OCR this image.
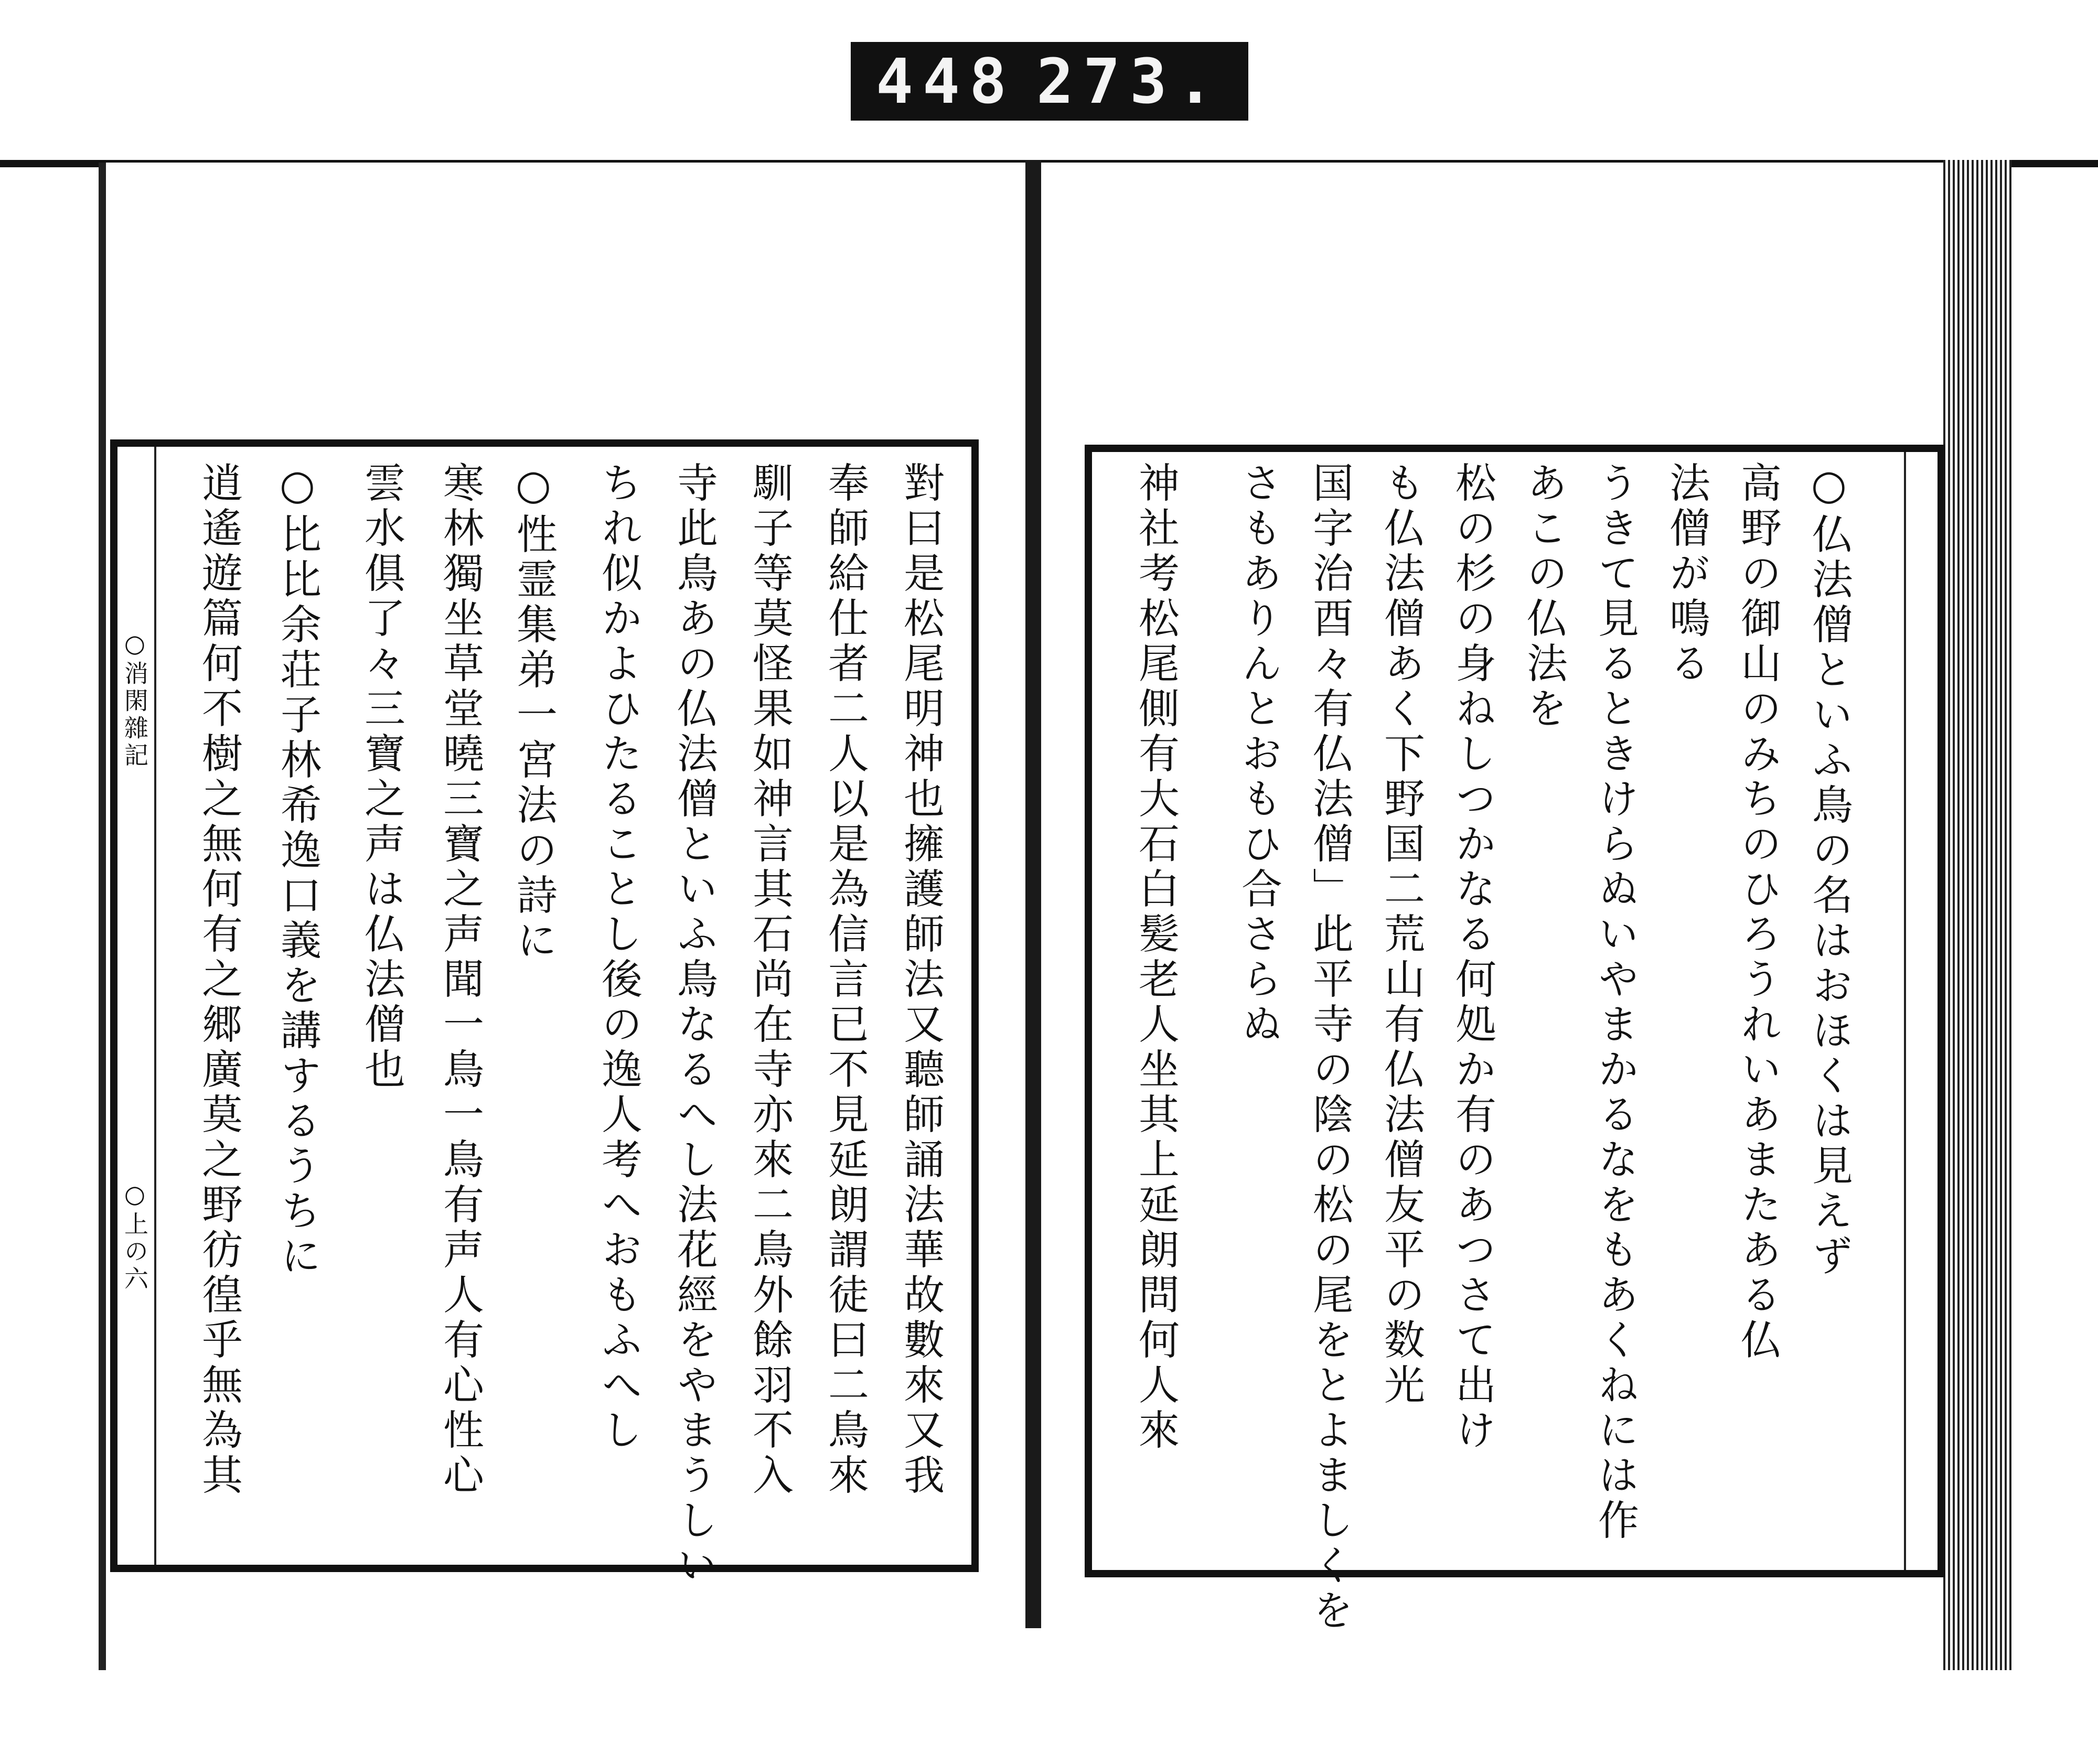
448 273.
○仏法僧といふ鳥の名はおほくは見えず
高野の御山のみちのひろうれいあまたある仏
法僧が鳴る
うきて見るときけらぬいやまかるなをもあくねには作
あこの仏法を
松の杉の身ねしつかなる何処か有のあつさて出け
も仏法僧あく下野国二荒山有仏法僧友平の数光
国字治酉々有仏法僧」此平寺の陰の松の尾をとよましくを
さもありんとおもひ合さらぬ
神社考松尾側有大石白髪老人坐其上延朗問何人來
對曰是松尾明神也擁護師法又聽師誦法華故數來又我
奉師給仕者二人以是為信言已不見延朗謂徒曰二鳥來
馴子等莫怪果如神言其石尚在寺亦來二鳥外餘羽不入
寺此鳥あの仏法僧といふ鳥なるへし法花經をやまうしい
ちれ似かよひたることし後の逸人考へおもふへし
○性霊集弟一宮法の詩に
寒林獨坐草堂曉三寶之声聞一鳥一鳥有声人有心性心
雲水俱了々三寶之声は仏法僧也
○比比余荘子林希逸口義を講するうちに
逍遙遊篇何不樹之無何有之郷廣莫之野彷徨乎無為其
○消閑雜記
○上の六
